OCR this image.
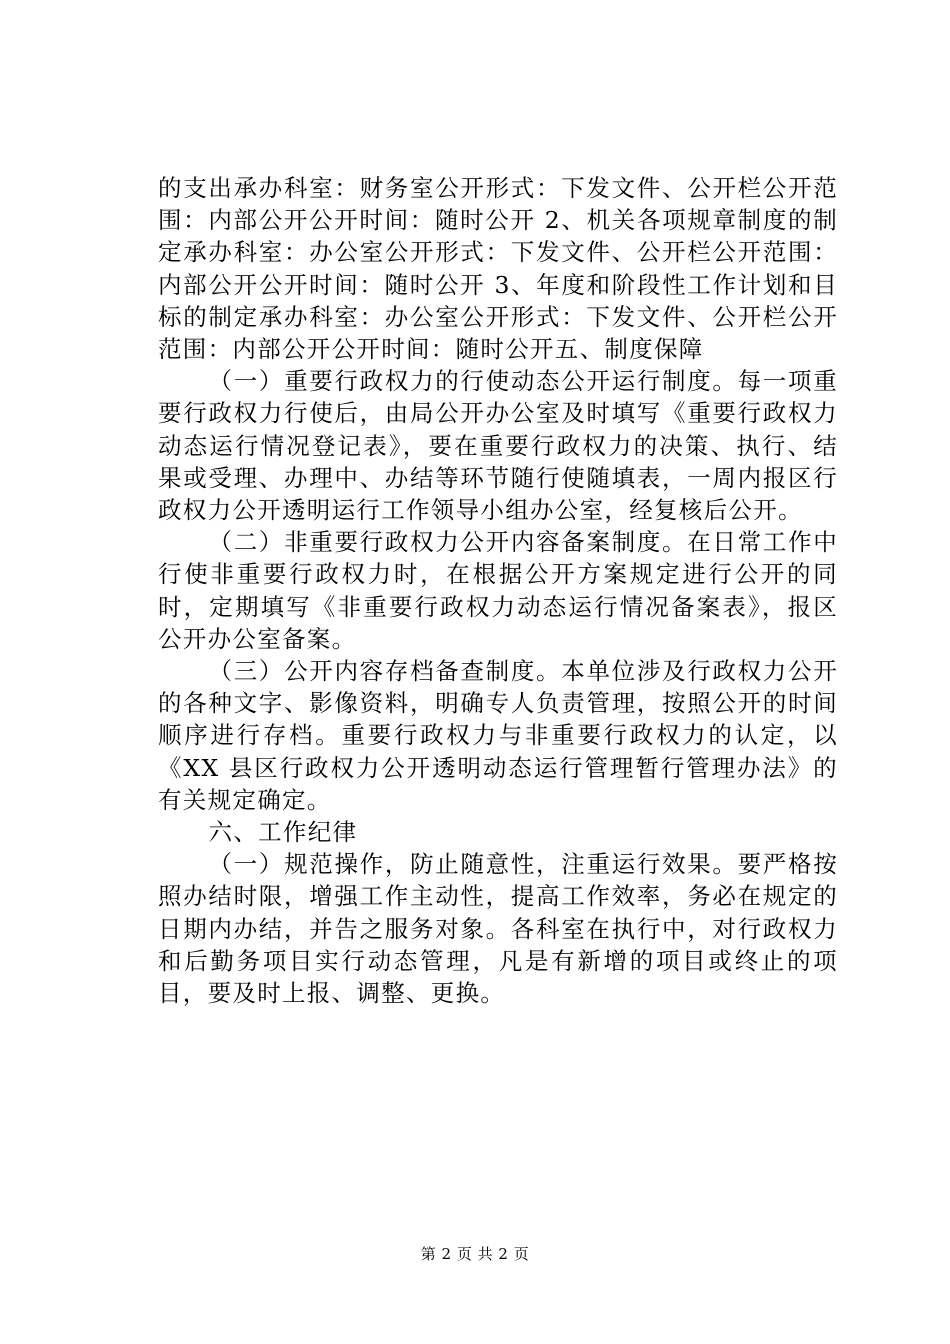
的支出承办科室：财务室公开形式：下发文件、公开栏公开范围：内部公开公开时间：随时公开 2、机关各项规章制度的制定承办科室：办公室公开形式：下发文件、公开栏公开范围：内部公开公开时间：随时公开 3、年度和阶段性工作计划和目标的制定承办科室：办公室公开形式：下发文件、公开栏公开范围：内部公开公开时间：随时公开五、制度保障

（一）重要行政权力的行使动态公开运行制度。每一项重要行政权力行使后，由局公开办公室及时填写《重要行政权力动态运行情况登记表》，要在重要行政权力的决策、执行、结果或受理、办理中、办结等环节随行使随填表，一周内报区行政权力公开透明运行工作领导小组办公室，经复核后公开。

（二）非重要行政权力公开内容备案制度。在日常工作中行使非重要行政权力时，在根据公开方案规定进行公开的同时，定期填写《非重要行政权力动态运行情况备案表》，报区公开办公室备案。

（三）公开内容存档备查制度。本单位涉及行政权力公开的各种文字、影像资料，明确专人负责管理，按照公开的时间顺序进行存档。重要行政权力与非重要行政权力的认定，以《XX 县区行政权力公开透明动态运行管理暂行管理办法》的有关规定确定。

六、工作纪律

（一）规范操作，防止随意性，注重运行效果。要严格按照办结时限，增强工作主动性，提高工作效率，务必在规定的日期内办结，并告之服务对象。各科室在执行中，对行政权力和后勤务项目实行动态管理，凡是有新增的项目或终止的项目，要及时上报、调整、更换。

第 2 页 共 2 页
